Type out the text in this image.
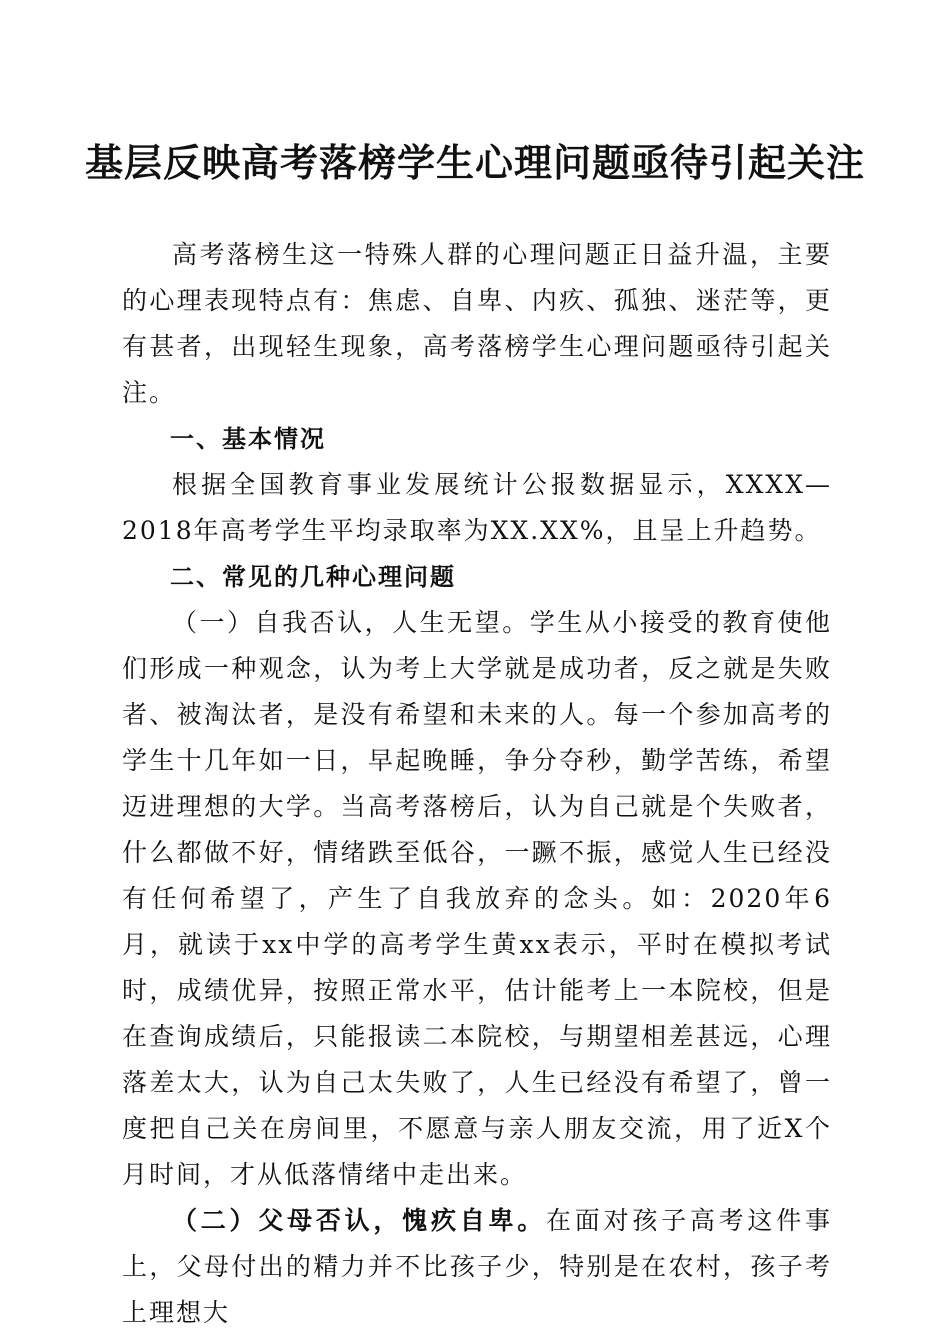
基层反映高考落榜学生心理问题亟待引起关注

高考落榜生这一特殊人群的心理问题正日益升温，主要的心理表现特点有：焦虑、自卑、内疚、孤独、迷茫等，更有甚者，出现轻生现象，高考落榜学生心理问题亟待引起关注。

一、基本情况

根据全国教育事业发展统计公报数据显示，XXXX—2018年高考学生平均录取率为XX.XX%，且呈上升趋势。

二、常见的几种心理问题

（一）自我否认，人生无望。学生从小接受的教育使他们形成一种观念，认为考上大学就是成功者，反之就是失败者、被淘汰者，是没有希望和未来的人。每一个参加高考的学生十几年如一日，早起晚睡，争分夺秒，勤学苦练，希望迈进理想的大学。当高考落榜后，认为自己就是个失败者，什么都做不好，情绪跌至低谷，一蹶不振，感觉人生已经没有任何希望了，产生了自我放弃的念头。如：2020年6月，就读于xx中学的高考学生黄xx表示，平时在模拟考试时，成绩优异，按照正常水平，估计能考上一本院校，但是在查询成绩后，只能报读二本院校，与期望相差甚远，心理落差太大，认为自己太失败了，人生已经没有希望了，曾一度把自己关在房间里，不愿意与亲人朋友交流，用了近X个月时间，才从低落情绪中走出来。

（二）父母否认，愧疚自卑。在面对孩子高考这件事上，父母付出的精力并不比孩子少，特别是在农村，孩子考上理想大
